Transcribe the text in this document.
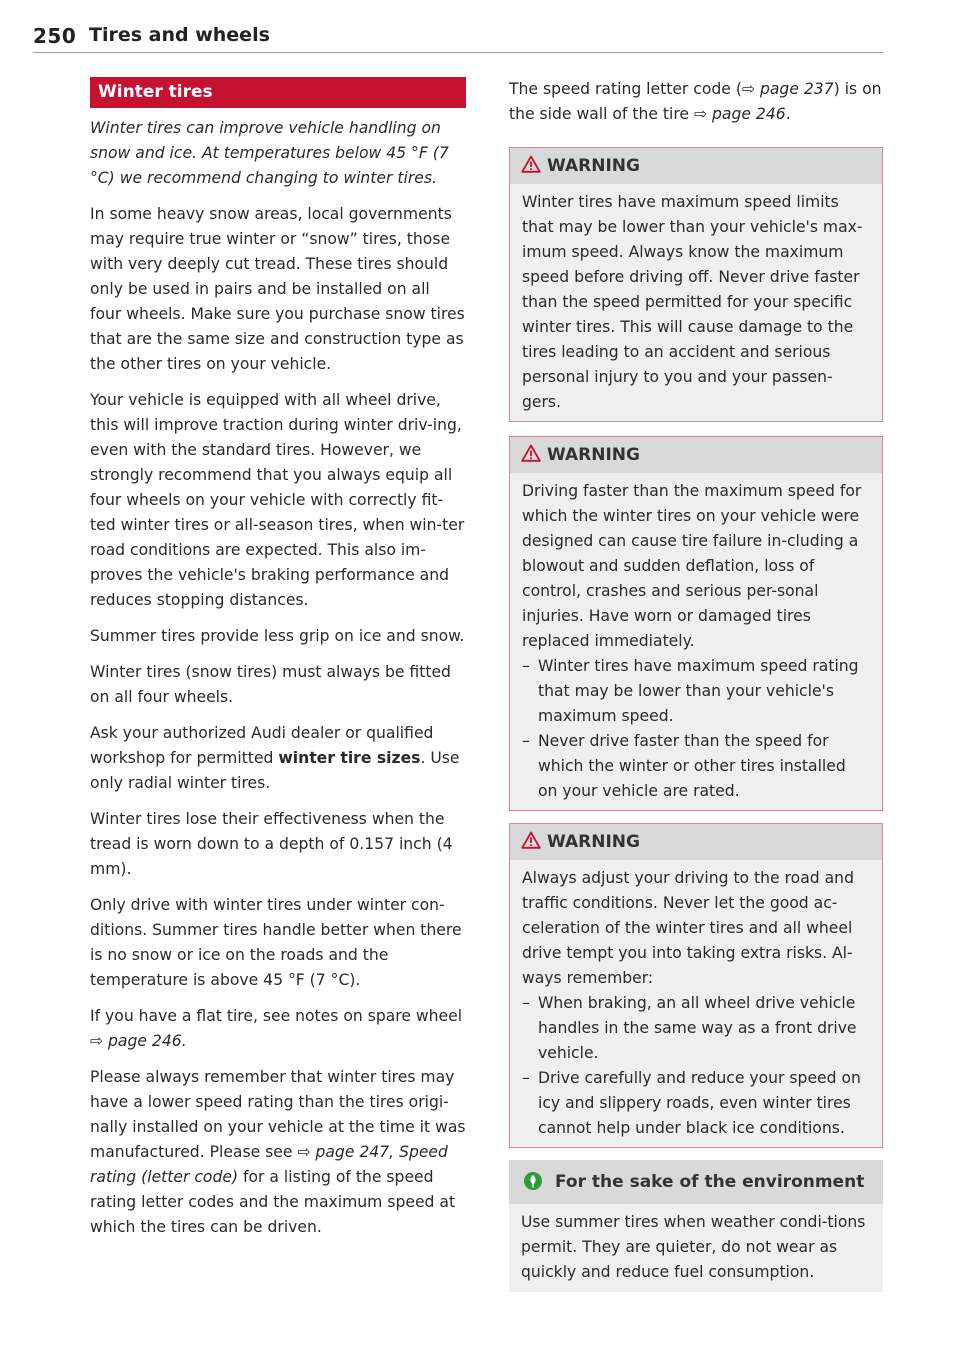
250 Tires and wheels
Winter tires

Winter tires can improve vehicle handling on snow and ice. At temperatures below 45 °F (7 °C) we recommend changing to winter tires.

In some heavy snow areas, local governments may require true winter or “snow” tires, those with very deeply cut tread. These tires should only be used in pairs and be installed on all four wheels. Make sure you purchase snow tires that are the same size and construction type as the other tires on your vehicle.

Your vehicle is equipped with all wheel drive, this will improve traction during winter driv-ing, even with the standard tires. However, we strongly recommend that you always equip all four wheels on your vehicle with correctly fit-ted winter tires or all-season tires, when win-ter road conditions are expected. This also im-proves the vehicle's braking performance and reduces stopping distances.

Summer tires provide less grip on ice and snow.

Winter tires (snow tires) must always be fitted on all four wheels.

Ask your authorized Audi dealer or qualified workshop for permitted winter tire sizes. Use only radial winter tires.

Winter tires lose their effectiveness when the tread is worn down to a depth of 0.157 inch (4 mm).

Only drive with winter tires under winter con-ditions. Summer tires handle better when there is no snow or ice on the roads and the temperature is above 45 °F (7 °C).

If you have a flat tire, see notes on spare wheel ⇨ page 246.

Please always remember that winter tires may have a lower speed rating than the tires origi-nally installed on your vehicle at the time it was manufactured. Please see ⇨ page 247, Speed rating (letter code) for a listing of the speed rating letter codes and the maximum speed at which the tires can be driven.

The speed rating letter code (⇨ page 237) is on the side wall of the tire ⇨ page 246.

WARNING

Winter tires have maximum speed limits that may be lower than your vehicle's max-imum speed. Always know the maximum speed before driving off. Never drive faster than the speed permitted for your specific winter tires. This will cause damage to the tires leading to an accident and serious personal injury to you and your passen-gers.

WARNING

Driving faster than the maximum speed for which the winter tires on your vehicle were designed can cause tire failure in-cluding a blowout and sudden deflation, loss of control, crashes and serious per-sonal injuries. Have worn or damaged tires replaced immediately.

– Winter tires have maximum speed rating that may be lower than your vehicle's maximum speed.
– Never drive faster than the speed for which the winter or other tires installed on your vehicle are rated.
WARNING

Always adjust your driving to the road and traffic conditions. Never let the good ac-celeration of the winter tires and all wheel drive tempt you into taking extra risks. Al-ways remember:

– When braking, an all wheel drive vehicle handles in the same way as a front drive vehicle.
– Drive carefully and reduce your speed on icy and slippery roads, even winter tires cannot help under black ice conditions.
For the sake of the environment

Use summer tires when weather condi-tions permit. They are quieter, do not wear as quickly and reduce fuel consumption.
